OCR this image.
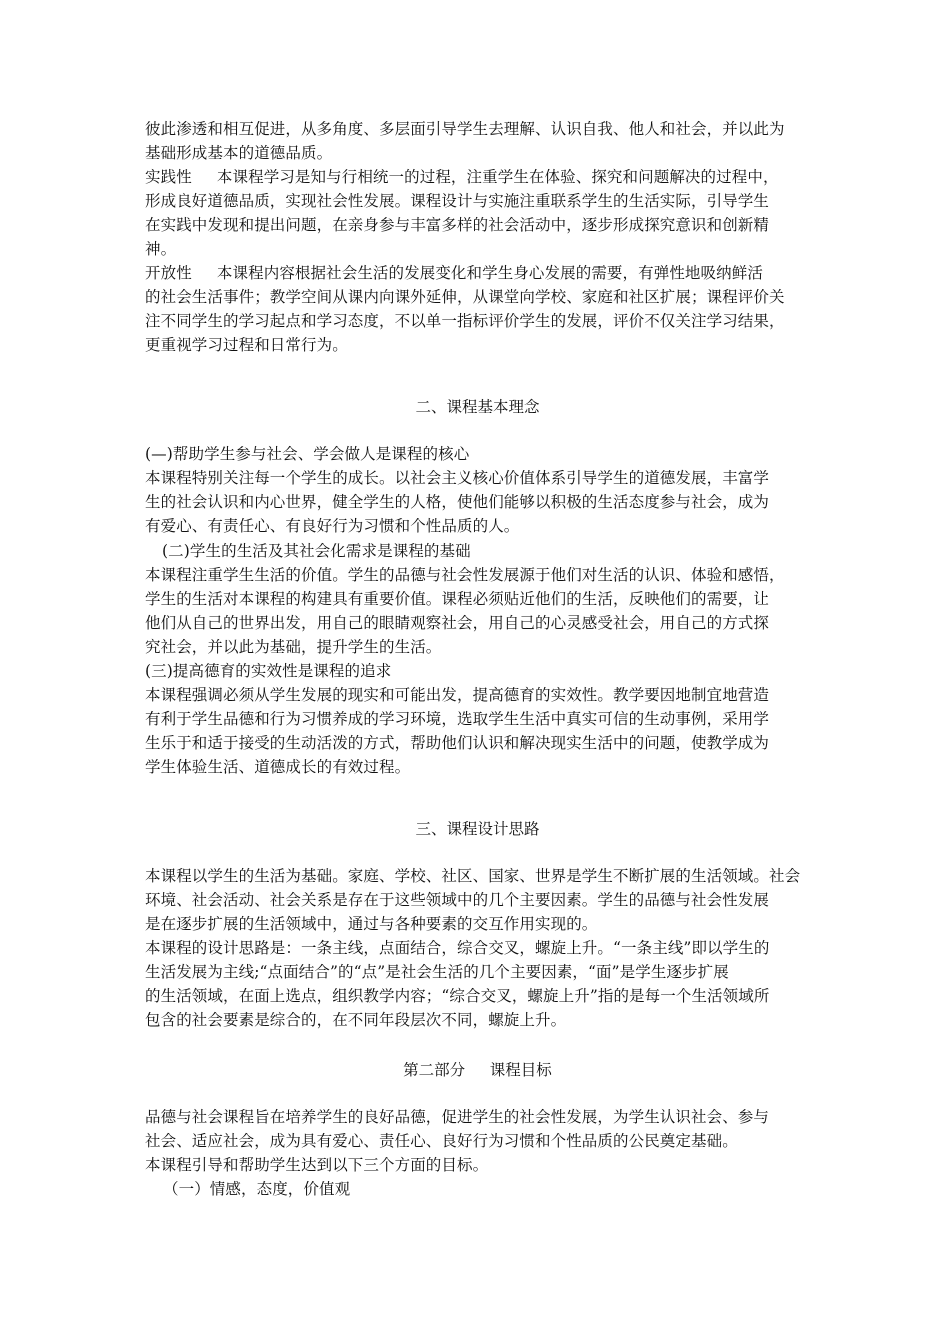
彼此渗透和相互促进，从多角度、多层面引导学生去理解、认识自我、他人和社会，并以此为
基础形成基本的道德品质。
实践性     本课程学习是知与行相统一的过程，注重学生在体验、探究和问题解决的过程中，
形成良好道德品质，实现社会性发展。课程设计与实施注重联系学生的生活实际，引导学生
在实践中发现和提出问题，在亲身参与丰富多样的社会活动中，逐步形成探究意识和创新精
神。
开放性     本课程内容根据社会生活的发展变化和学生身心发展的需要，有弹性地吸纳鲜活
的社会生活事件；教学空间从课内向课外延伸，从课堂向学校、家庭和社区扩展；课程评价关
注不同学生的学习起点和学习态度，不以单一指标评价学生的发展，评价不仅关注学习结果，
更重视学习过程和日常行为。
二、课程基本理念
(—)帮助学生参与社会、学会做人是课程的核心
本课程特别关注每一个学生的成长。以社会主义核心价值体系引导学生的道德发展，丰富学
生的社会认识和内心世界，健全学生的人格，使他们能够以积极的生活态度参与社会，成为
有爱心、有责任心、有良好行为习惯和个性品质的人。
(二)学生的生活及其社会化需求是课程的基础
本课程注重学生生活的价值。学生的品德与社会性发展源于他们对生活的认识、体验和感悟，
学生的生活对本课程的构建具有重要价值。课程必须贴近他们的生活，反映他们的需要，让
他们从自己的世界出发，用自己的眼睛观察社会，用自己的心灵感受社会，用自己的方式探
究社会，并以此为基础，提升学生的生活。
(三)提高德育的实效性是课程的追求
本课程强调必须从学生发展的现实和可能出发，提高德育的实效性。教学要因地制宜地营造
有利于学生品德和行为习惯养成的学习环境，选取学生生活中真实可信的生动事例，采用学
生乐于和适于接受的生动活泼的方式，帮助他们认识和解决现实生活中的问题，使教学成为
学生体验生活、道德成长的有效过程。
三、课程设计思路
本课程以学生的生活为基础。家庭、学校、社区、国家、世界是学生不断扩展的生活领域。社会
环境、社会活动、社会关系是存在于这些领域中的几个主要因素。学生的品德与社会性发展
是在逐步扩展的生活领域中，通过与各种要素的交互作用实现的。
本课程的设计思路是：一条主线，点面结合，综合交叉，螺旋上升。“一条主线”即以学生的
生活发展为主线;“点面结合”的“点”是社会生活的几个主要因素，“面”是学生逐步扩展
的生活领域，在面上选点，组织教学内容；“综合交叉，螺旋上升”指的是每一个生活领域所
包含的社会要素是综合的，在不同年段层次不同，螺旋上升。
第二部分     课程目标
品德与社会课程旨在培养学生的良好品德，促进学生的社会性发展，为学生认识社会、参与
社会、适应社会，成为具有爱心、责任心、良好行为习惯和个性品质的公民奠定基础。
本课程引导和帮助学生达到以下三个方面的目标。
（一）情感，态度，价值观
